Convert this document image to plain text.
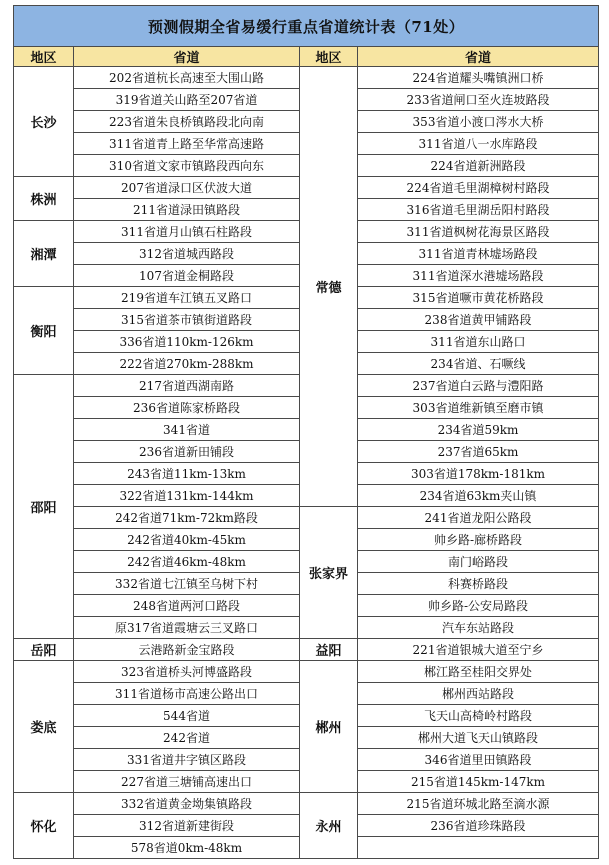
预测假期全省易缓行重点省道统计表（71处）			
地区	省道	地区	省道
长沙	202省道杭长高速至大围山路	常德	224省道耀头嘴镇洲口桥
	319省道关山路至207省道		233省道闸口至火连坡路段
	223省道朱良桥镇路段北向南		353省道小渡口涔水大桥
	311省道青上路至华常高速路		311省道八一水库路段
	310省道文家市镇路段西向东		224省道新洲路段
株洲	207省道渌口区伏波大道		224省道毛里湖樟树村路段
	211省道渌田镇路段		316省道毛里湖岳阳村路段
湘潭	311省道月山镇石柱路段		311省道枫树花海景区路段
	312省道城西路段		311省道青林墟场路段
	107省道金桐路段		311省道深水港墟场路段
衡阳	219省道车江镇五叉路口		315省道噘市黄花桥路段
	315省道茶市镇街道路段		238省道黄甲铺路段
	336省道110km-126km		311省道东山路口
	222省道270km-288km		234省道、石噘线
邵阳	217省道西湖南路		237省道白云路与澧阳路
	236省道陈家桥路段		303省道维新镇至磨市镇
	341省道		234省道59km
	236省道新田铺段		237省道65km
	243省道11km-13km		303省道178km-181km
	322省道131km-144km		234省道63km夹山镇
	242省道71km-72km路段	张家界	241省道龙阳公路段
	242省道40km-45km		帅乡路-廊桥路段
	242省道46km-48km		南门峪路段
	332省道七江镇至乌树下村		科赛桥路段
	248省道两河口路段		帅乡路-公安局路段
	原317省道霞塘云三叉路口		汽车东站路段
岳阳	云港路新金宝路段	益阳	221省道银城大道至宁乡
娄底	323省道桥头河博盛路段	郴州	郴江路至桂阳交界处
	311省道杨市高速公路出口		郴州西站路段
	544省道		飞天山高椅岭村路段
	242省道		郴州大道飞天山镇路段
	331省道井字镇区路段		346省道里田镇路段
	227省道三塘铺高速出口		215省道145km-147km
怀化	332省道黄金坳集镇路段	永州	215省道环城北路至滴水源
	312省道新建街段		236省道珍珠路段
	578省道0km-48km		
